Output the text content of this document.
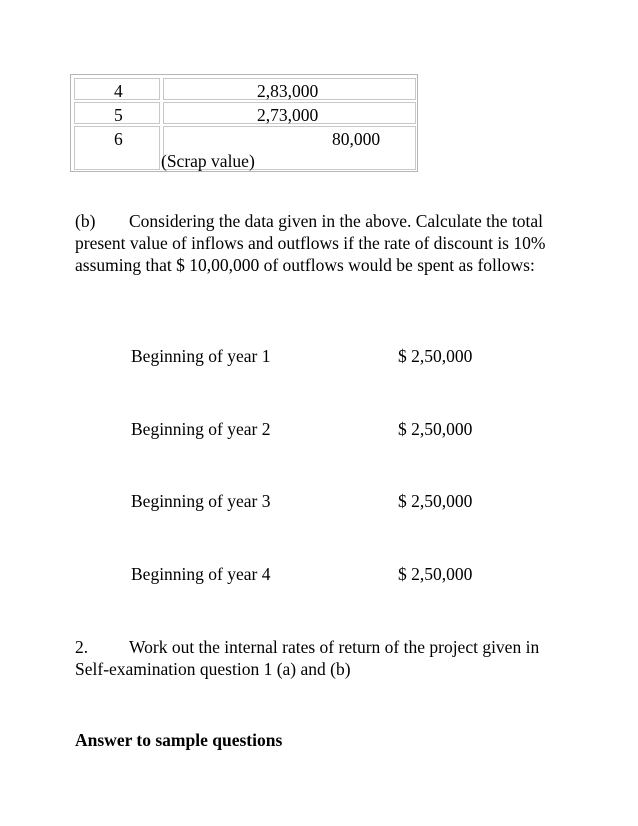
4	2,83,000
5	2,73,000
6	80,000
(Scrap value)
(b) Considering the data given in the above. Calculate the total present value of inflows and outflows if the rate of discount is 10% assuming that $ 10,00,000 of outflows would be spent as follows:
Beginning of year 1	$ 2,50,000
Beginning of year 2	$ 2,50,000
Beginning of year 3	$ 2,50,000
Beginning of year 4	$ 2,50,000
2. Work out the internal rates of return of the project given in Self-examination question 1 (a) and (b)
Answer to sample questions
